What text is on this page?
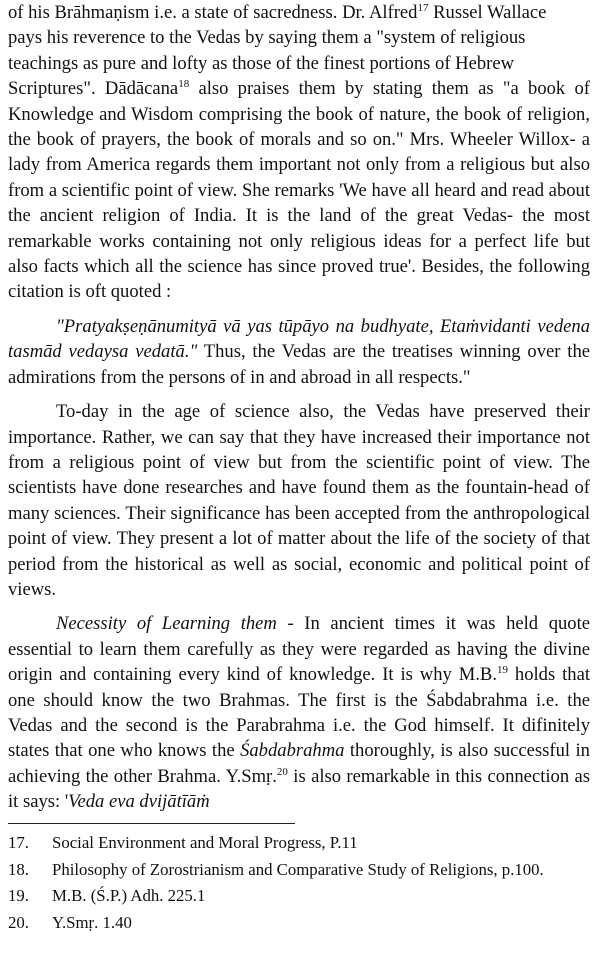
of his Brāhmaṇism i.e. a state of sacredness. Dr. Alfred$^{17}$ Russel Wallace
pays his reverence to the Vedas by saying them a "system of religious
teachings as pure and lofty as those of the finest portions of Hebrew
Scriptures". Dādācana$^{18}$ also praises them by stating them as "a book of Knowledge and Wisdom comprising the book of nature, the book of religion, the book of prayers, the book of morals and so on." Mrs. Wheeler Willox- a lady from America regards them important not only from a religious but also from a scientific point of view. She remarks 'We have all heard and read about the ancient religion of India. It is the land of the great Vedas- the most remarkable works containing not only religious ideas for a perfect life but also facts which all the science has since proved true'. Besides, the following citation is oft quoted :

"Pratyakṣeṇānumityā vā yas tūpāyo na budhyate, Etaṁvidanti vedena tasmād vedaysa vedatā." Thus, the Vedas are the treatises winning over the admirations from the persons of in and abroad in all respects."

To-day in the age of science also, the Vedas have preserved their importance. Rather, we can say that they have increased their importance not from a religious point of view but from the scientific point of view. The scientists have done researches and have found them as the fountain-head of many sciences. Their significance has been accepted from the anthropological point of view. They present a lot of matter about the life of the society of that period from the historical as well as social, economic and political point of views.

Necessity of Learning them - In ancient times it was held quote essential to learn them carefully as they were regarded as having the divine origin and containing every kind of knowledge. It is why M.B.$^{19}$ holds that one should know the two Brahmas. The first is the Śabdabrahma i.e. the Vedas and the second is the Parabrahma i.e. the God himself. It difinitely states that one who knows the Śabdabrahma thoroughly, is also successful in achieving the other Brahma. Y.Smṛ.$^{20}$ is also remarkable in this connection as it says: 'Veda eva dvijātīāṁ

17.	Social Environment and Moral Progress, P.11
18.	Philosophy of Zorostrianism and Comparative Study of Religions, p.100.
19.	M.B. (Ś.P.) Adh. 225.1
20.	Y.Smṛ. 1.40
